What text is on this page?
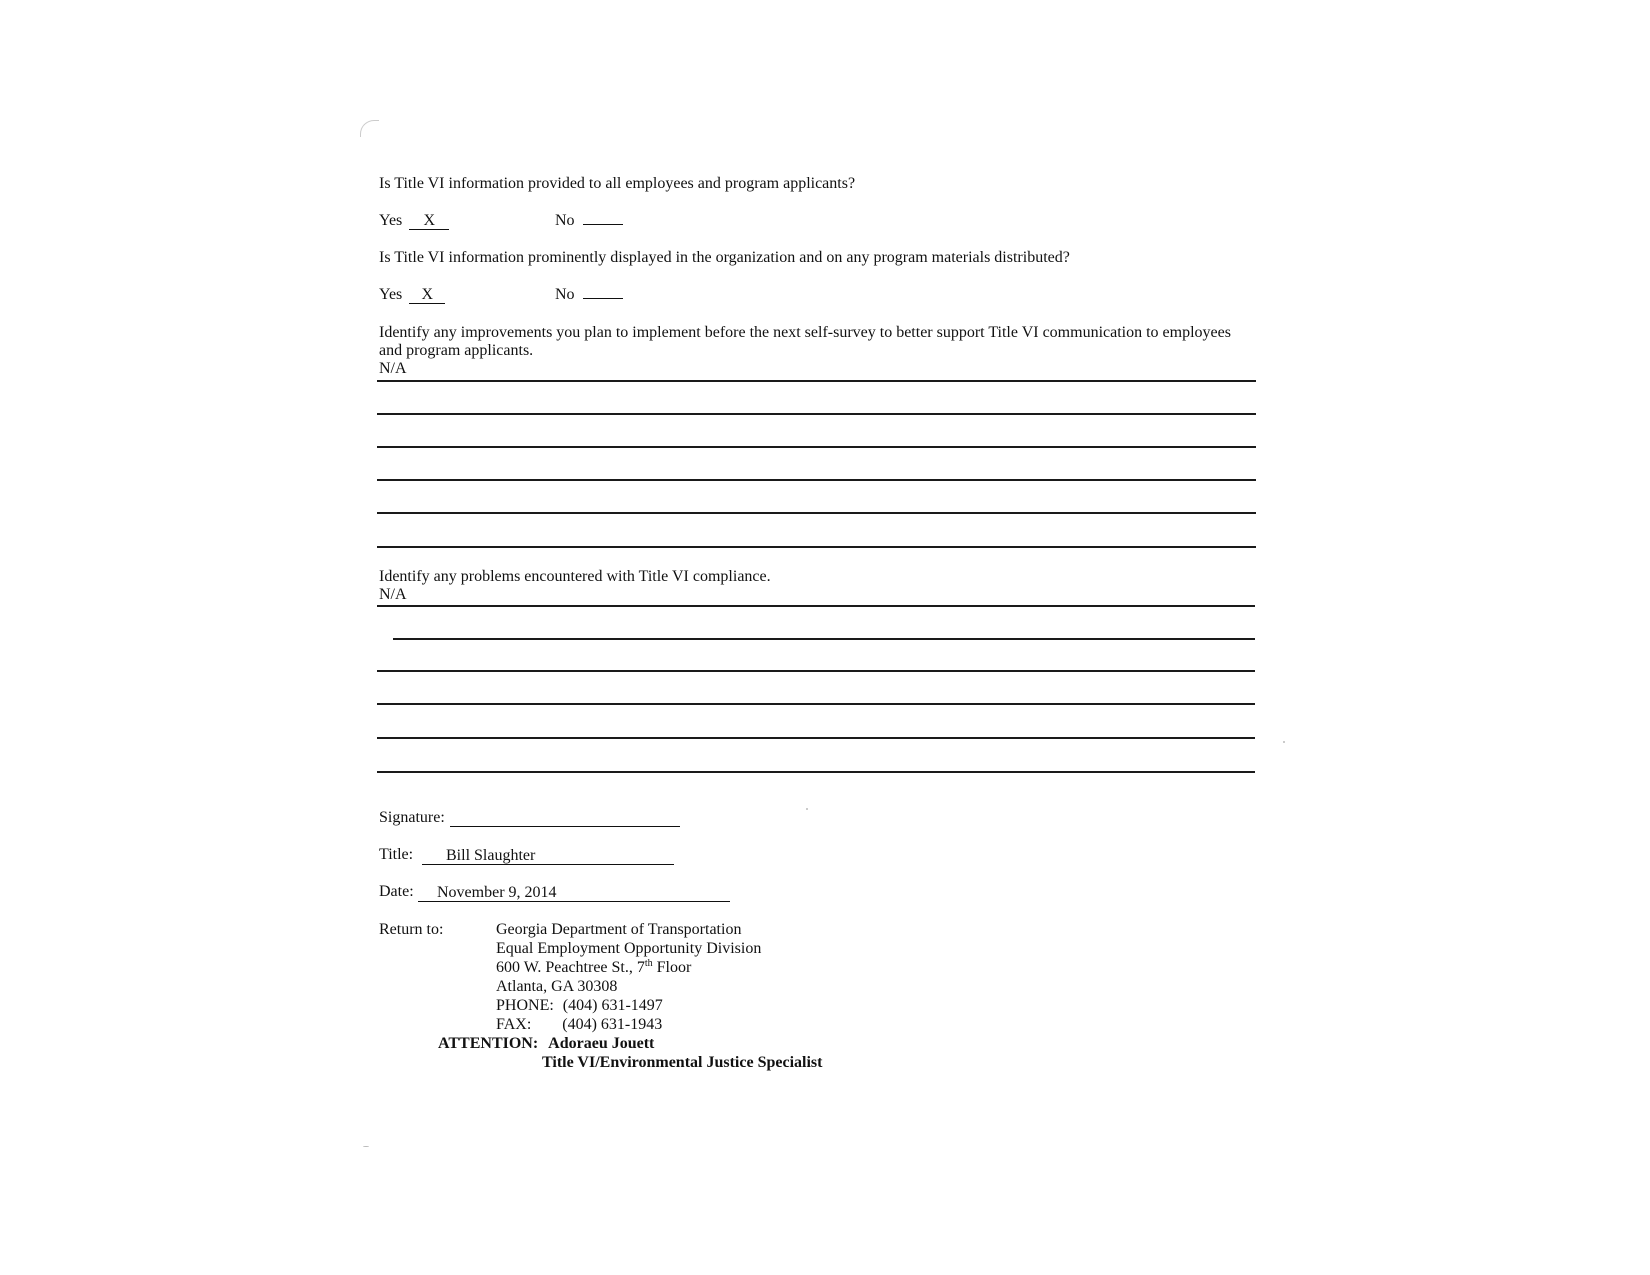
Is Title VI information provided to all employees and program applicants?
Yes X	No
Is Title VI information prominently displayed in the organization and on any program materials distributed?
Yes X	No
Identify any improvements you plan to implement before the next self-survey to better support Title VI communication to employees
and program applicants.
N/A
Identify any problems encountered with Title VI compliance.
N/A
Signature:
Title: Bill Slaughter
Date: November 9, 2014
Return to:	Georgia Department of Transportation
Equal Employment Opportunity Division
600 W. Peachtree St., 7th Floor
Atlanta, GA 30308
PHONE: (404) 631-1497
FAX: (404) 631-1943
ATTENTION: Adoraeu Jouett
Title VI/Environmental Justice Specialist
